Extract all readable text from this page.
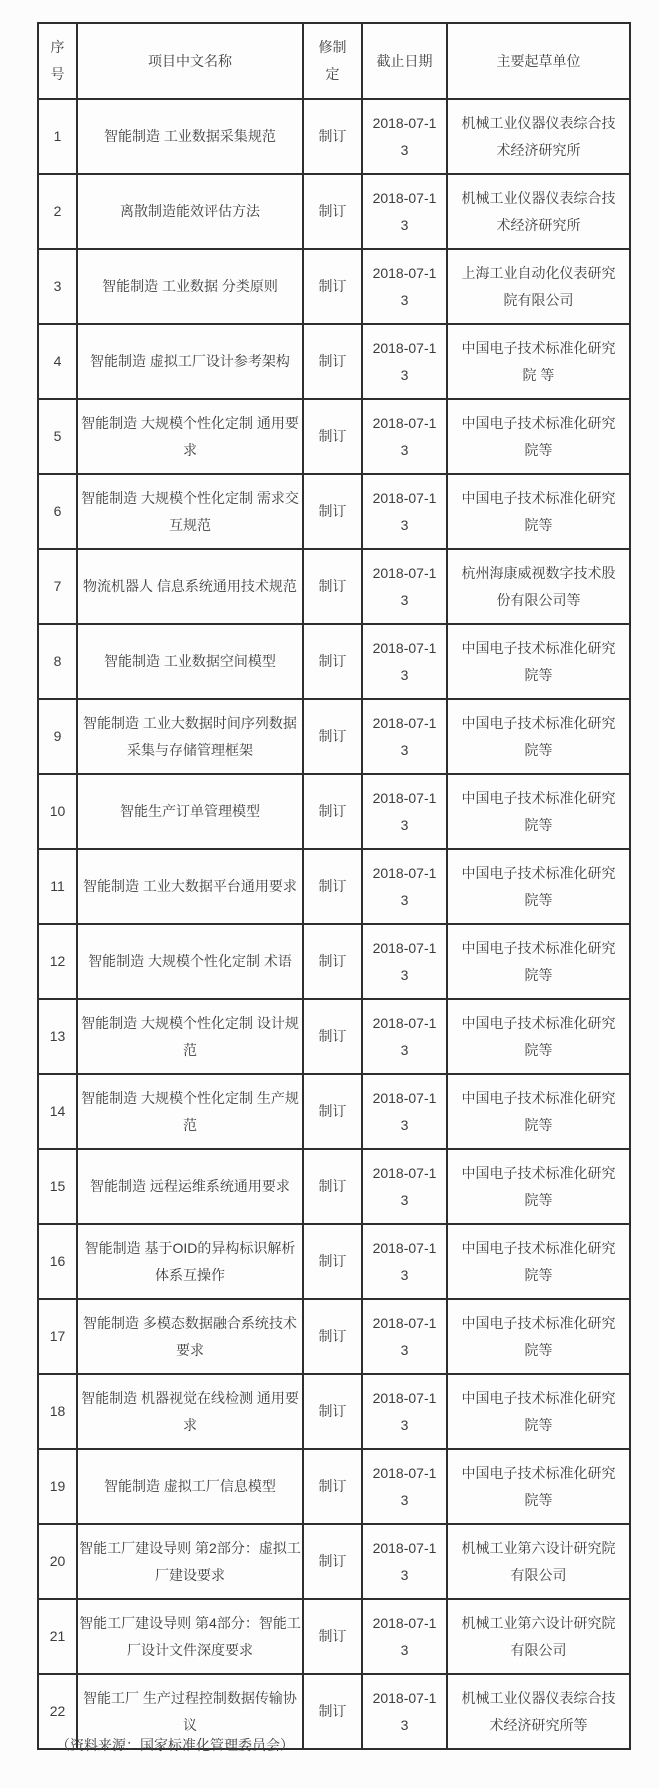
序号	项目中文名称	修制定	截止日期	主要起草单位
1	智能制造 工业数据采集规范	制订	2018-07-13	机械工业仪器仪表综合技术经济研究所
2	离散制造能效评估方法	制订	2018-07-13	机械工业仪器仪表综合技术经济研究所
3	智能制造 工业数据 分类原则	制订	2018-07-13	上海工业自动化仪表研究院有限公司
4	智能制造 虚拟工厂设计参考架构	制订	2018-07-13	中国电子技术标准化研究院 等
5	智能制造 大规模个性化定制 通用要求	制订	2018-07-13	中国电子技术标准化研究院等
6	智能制造 大规模个性化定制 需求交互规范	制订	2018-07-13	中国电子技术标准化研究院等
7	物流机器人 信息系统通用技术规范	制订	2018-07-13	杭州海康威视数字技术股份有限公司等
8	智能制造 工业数据空间模型	制订	2018-07-13	中国电子技术标准化研究院等
9	智能制造 工业大数据时间序列数据采集与存储管理框架	制订	2018-07-13	中国电子技术标准化研究院等
10	智能生产订单管理模型	制订	2018-07-13	中国电子技术标准化研究院等
11	智能制造 工业大数据平台通用要求	制订	2018-07-13	中国电子技术标准化研究院等
12	智能制造 大规模个性化定制 术语	制订	2018-07-13	中国电子技术标准化研究院等
13	智能制造 大规模个性化定制 设计规范	制订	2018-07-13	中国电子技术标准化研究院等
14	智能制造 大规模个性化定制 生产规范	制订	2018-07-13	中国电子技术标准化研究院等
15	智能制造 远程运维系统通用要求	制订	2018-07-13	中国电子技术标准化研究院等
16	智能制造 基于OID的异构标识解析体系互操作	制订	2018-07-13	中国电子技术标准化研究院等
17	智能制造 多模态数据融合系统技术要求	制订	2018-07-13	中国电子技术标准化研究院等
18	智能制造 机器视觉在线检测 通用要求	制订	2018-07-13	中国电子技术标准化研究院等
19	智能制造 虚拟工厂信息模型	制订	2018-07-13	中国电子技术标准化研究院等
20	智能工厂建设导则 第2部分：虚拟工厂建设要求	制订	2018-07-13	机械工业第六设计研究院有限公司
21	智能工厂建设导则 第4部分：智能工厂设计文件深度要求	制订	2018-07-13	机械工业第六设计研究院有限公司
22	智能工厂 生产过程控制数据传输协议	制订	2018-07-13	机械工业仪器仪表综合技术经济研究所等
（资料来源：国家标准化管理委员会）
